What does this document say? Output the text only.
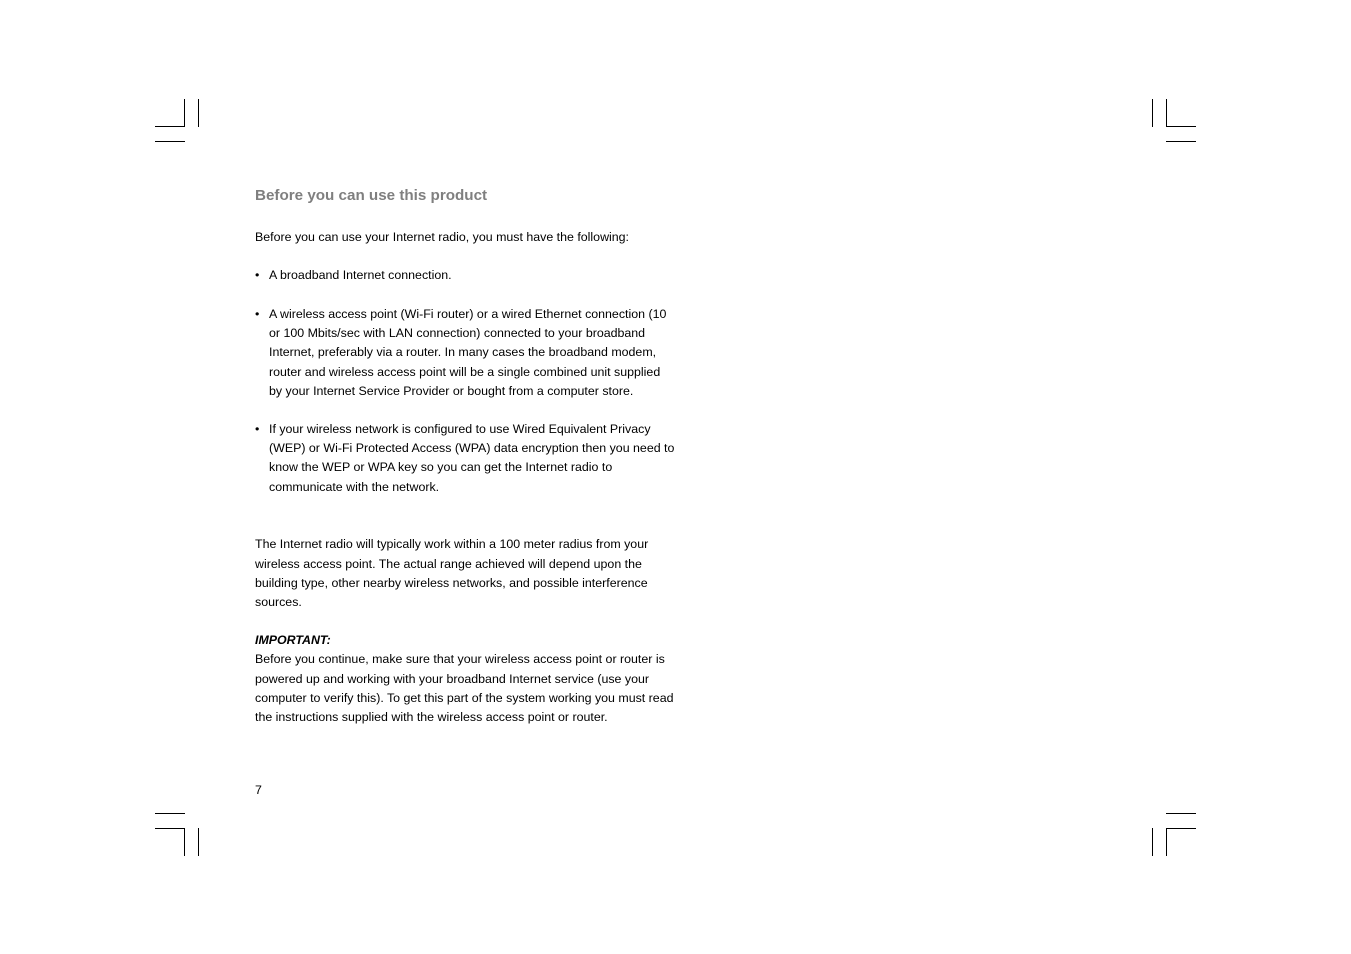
Before you can use this product

Before you can use your Internet radio, you must have the following:

• A broadband Internet connection.
• A wireless access point (Wi-Fi router) or a wired Ethernet connection (10 or 100 Mbits/sec with LAN connection) connected to your broadband Internet, preferably via a router. In many cases the broadband modem, router and wireless access point will be a single combined unit supplied by your Internet Service Provider or bought from a computer store.
• If your wireless network is configured to use Wired Equivalent Privacy (WEP) or Wi-Fi Protected Access (WPA) data encryption then you need to know the WEP or WPA key so you can get the Internet radio to communicate with the network.

The Internet radio will typically work within a 100 meter radius from your wireless access point. The actual range achieved will depend upon the building type, other nearby wireless networks, and possible interference sources.

IMPORTANT:

Before you continue, make sure that your wireless access point or router is powered up and working with your broadband Internet service (use your computer to verify this). To get this part of the system working you must read the instructions supplied with the wireless access point or router.

7
